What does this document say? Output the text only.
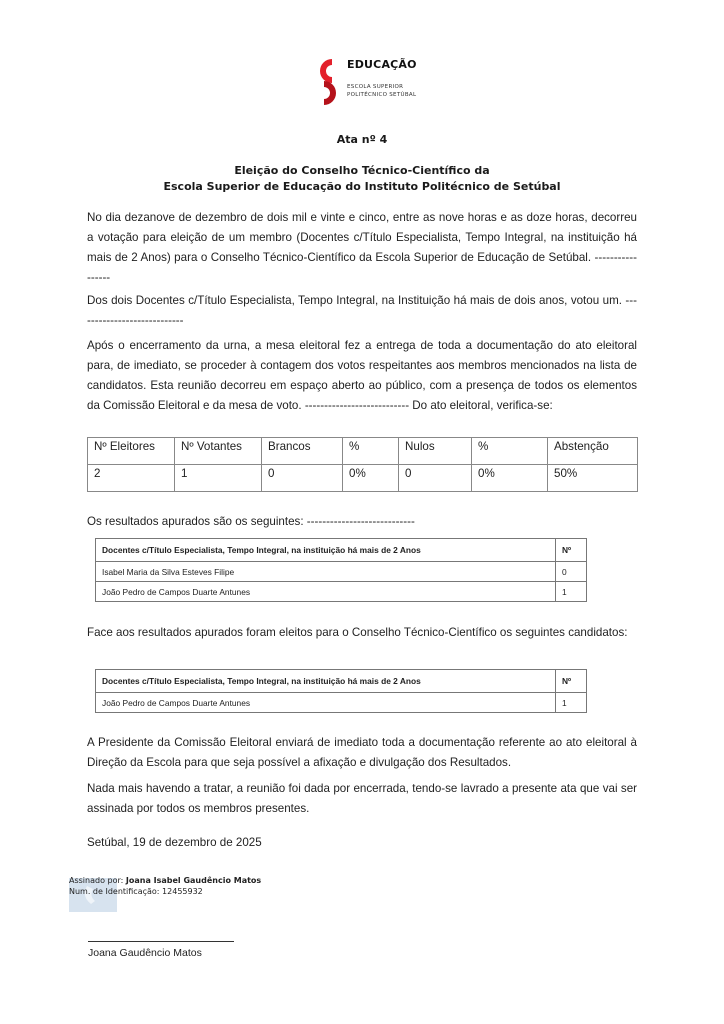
EDUCAÇÃO
ESCOLA SUPERIOR
POLITÉCNICO SETÚBAL
Ata nº 4
Eleição do Conselho Técnico-Científico da
Escola Superior de Educação do Instituto Politécnico de Setúbal
No dia dezanove de dezembro de dois mil e vinte e cinco, entre as nove horas e as doze horas, decorreu a votação para eleição de um membro (Docentes c/Título Especialista, Tempo Integral, na instituição há mais de 2 Anos) para o Conselho Técnico-Científico da Escola Superior de Educação de Setúbal. -----------------
Dos dois Docentes c/Título Especialista, Tempo Integral, na Instituição há mais de dois anos, votou um. ----------------------------
Após o encerramento da urna, a mesa eleitoral fez a entrega de toda a documentação do ato eleitoral para, de imediato, se proceder à contagem dos votos respeitantes aos membros mencionados na lista de candidatos. Esta reunião decorreu em espaço aberto ao público, com a presença de todos os elementos da Comissão Eleitoral e da mesa de voto. --------------------------- Do ato eleitoral, verifica-se:
Nº Eleitores	Nº Votantes	Brancos	%	Nulos	%	Abstenção
2	1	0	0%	0	0%	50%
Os resultados apurados são os seguintes: ----------------------------
Docentes c/Título Especialista, Tempo Integral, na instituição há mais de 2 Anos	Nº
Isabel Maria da Silva Esteves Filipe	0
João Pedro de Campos Duarte Antunes	1
Face aos resultados apurados foram eleitos para o Conselho Técnico-Científico os seguintes candidatos:
Docentes c/Título Especialista, Tempo Integral, na instituição há mais de 2 Anos	Nº
João Pedro de Campos Duarte Antunes	1
A Presidente da Comissão Eleitoral enviará de imediato toda a documentação referente ao ato eleitoral à Direção da Escola para que seja possível a afixação e divulgação dos Resultados.
Nada mais havendo a tratar, a reunião foi dada por encerrada, tendo-se lavrado a presente ata que vai ser assinada por todos os membros presentes.
Setúbal, 19 de dezembro de 2025
Assinado por: Joana Isabel Gaudêncio Matos
Num. de Identificação: 12455932
Joana Gaudêncio Matos
